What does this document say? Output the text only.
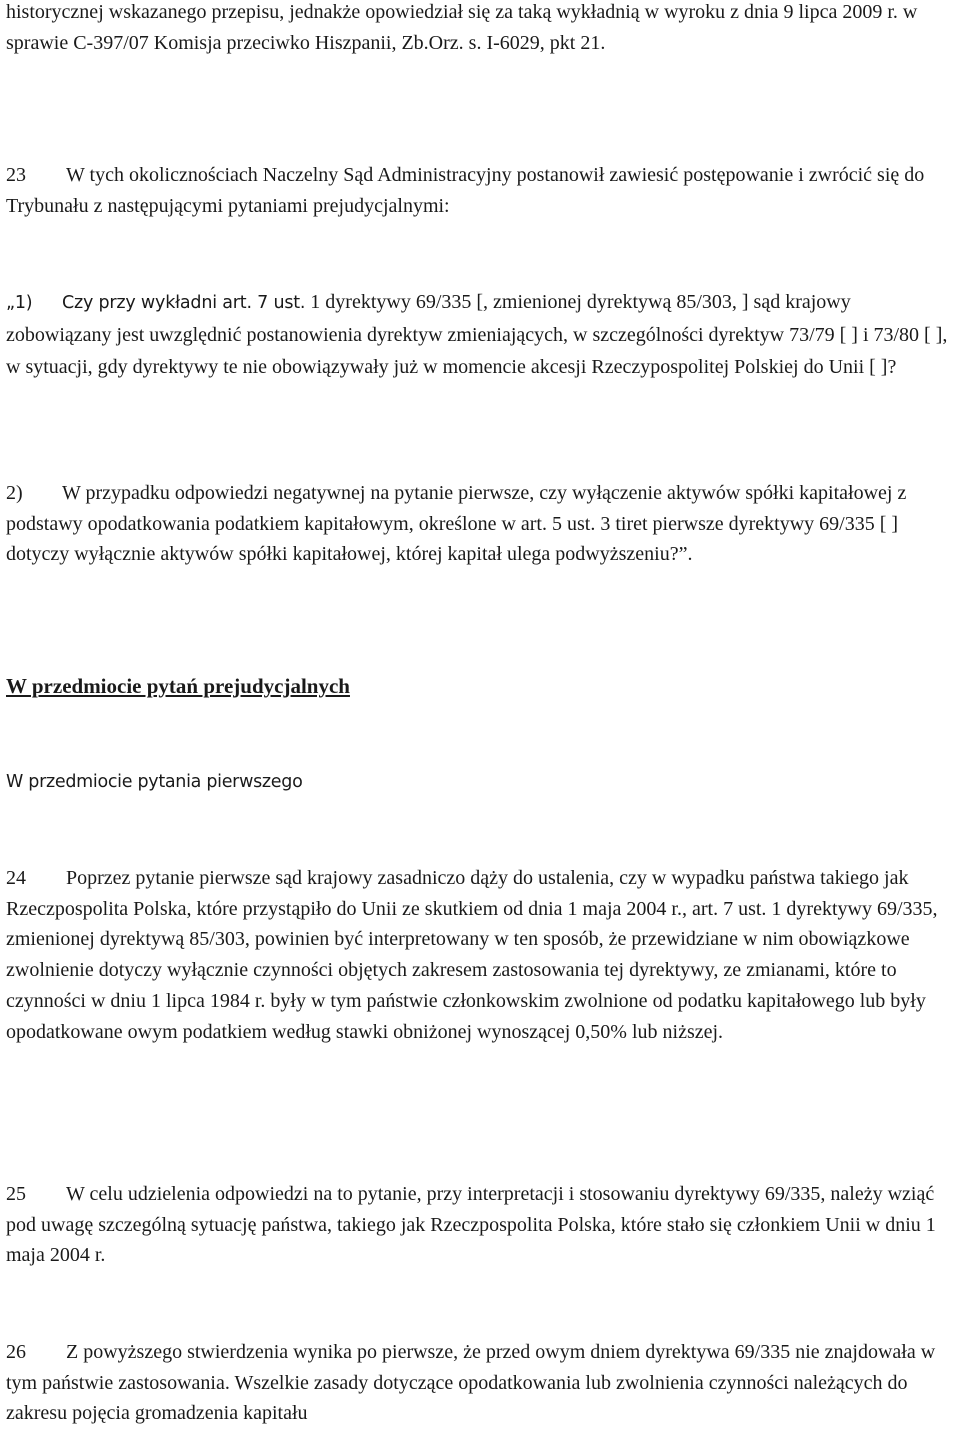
historycznej wskazanego przepisu, jednakże opowiedział się za taką wykładnią w wyroku z dnia 9 lipca 2009 r. w sprawie C‑397/07 Komisja przeciwko Hiszpanii, Zb.Orz. s. I‑6029, pkt 21.

23 W tych okolicznościach Naczelny Sąd Administracyjny postanowił zawiesić postępowanie i zwrócić się do Trybunału z następującymi pytaniami prejudycjalnymi:

„1) Czy przy wykładni art. 7 ust. 1 dyrektywy 69/335 [, zmienionej dyrektywą 85/303, ] sąd krajowy zobowiązany jest uwzględnić postanowienia dyrektyw zmieniających, w szczególności dyrektyw 73/79 [ ] i 73/80 [ ], w sytuacji, gdy dyrektywy te nie obowiązywały już w momencie akcesji Rzeczypospolitej Polskiej do Unii [ ]?

2) W przypadku odpowiedzi negatywnej na pytanie pierwsze, czy wyłączenie aktywów spółki kapitałowej z podstawy opodatkowania podatkiem kapitałowym, określone w art. 5 ust. 3 tiret pierwsze dyrektywy 69/335 [ ] dotyczy wyłącznie aktywów spółki kapitałowej, której kapitał ulega podwyższeniu?”.

W przedmiocie pytań prejudycjalnych
W przedmiocie pytania pierwszego

24 Poprzez pytanie pierwsze sąd krajowy zasadniczo dąży do ustalenia, czy w wypadku państwa takiego jak Rzeczpospolita Polska, które przystąpiło do Unii ze skutkiem od dnia 1 maja 2004 r., art. 7 ust. 1 dyrektywy 69/335, zmienionej dyrektywą 85/303, powinien być interpretowany w ten sposób, że przewidziane w nim obowiązkowe zwolnienie dotyczy wyłącznie czynności objętych zakresem zastosowania tej dyrektywy, ze zmianami, które to czynności w dniu 1 lipca 1984 r. były w tym państwie członkowskim zwolnione od podatku kapitałowego lub były opodatkowane owym podatkiem według stawki obniżonej wynoszącej 0,50% lub niższej.

25 W celu udzielenia odpowiedzi na to pytanie, przy interpretacji i stosowaniu dyrektywy 69/335, należy wziąć pod uwagę szczególną sytuację państwa, takiego jak Rzeczpospolita Polska, które stało się członkiem Unii w dniu 1 maja 2004 r.

26 Z powyższego stwierdzenia wynika po pierwsze, że przed owym dniem dyrektywa 69/335 nie znajdowała w tym państwie zastosowania. Wszelkie zasady dotyczące opodatkowania lub zwolnienia czynności należących do zakresu pojęcia gromadzenia kapitału
